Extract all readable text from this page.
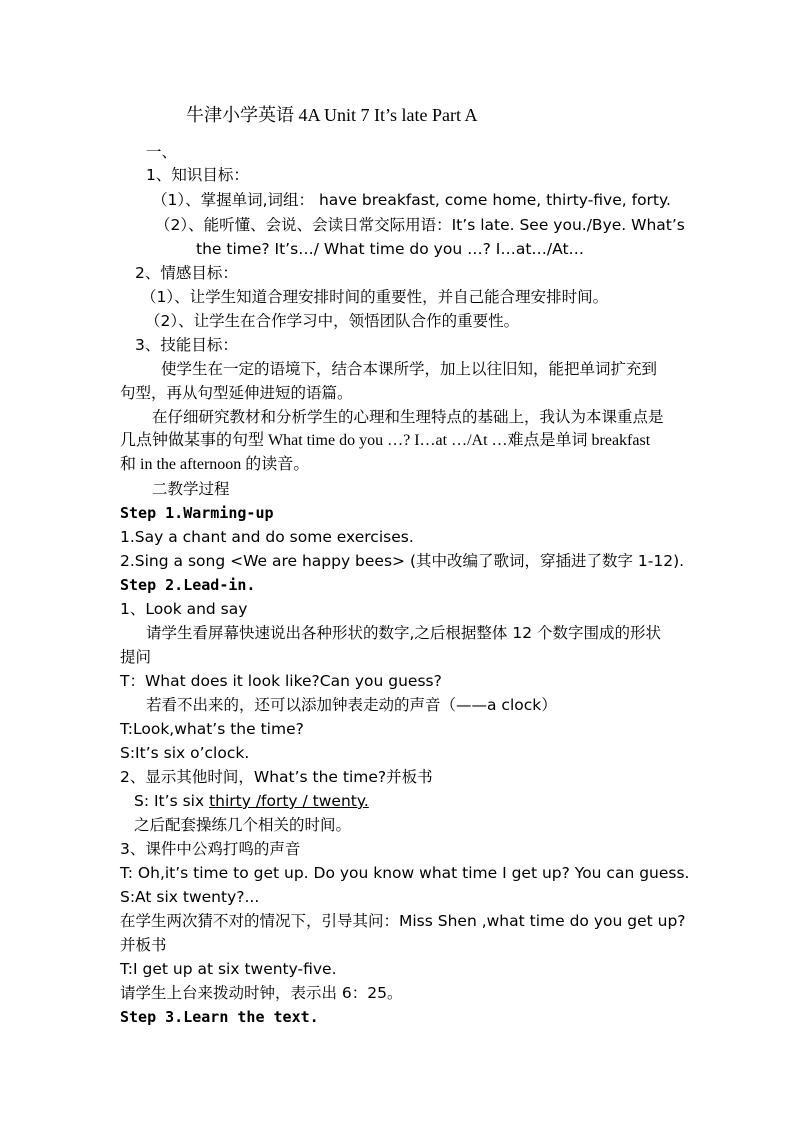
牛津小学英语 4A Unit 7 It’s late Part A
一、
1、知识目标：
（1）、掌握单词,词组： have breakfast, come home, thirty-five, forty.
（2）、能听懂、会说、会读日常交际用语：It’s late. See you./Bye. What’s
the time? It’s…/ What time do you …? I…at…/At…
2、情感目标：
（1）、让学生知道合理安排时间的重要性，并自己能合理安排时间。
（2）、让学生在合作学习中，领悟团队合作的重要性。
3、技能目标：
使学生在一定的语境下，结合本课所学，加上以往旧知，能把单词扩充到
句型，再从句型延伸进短的语篇。
在仔细研究教材和分析学生的心理和生理特点的基础上，我认为本课重点是
几点钟做某事的句型 What time do you …? I…at …/At …难点是单词 breakfast
和 in the afternoon 的读音。
二教学过程
Step 1.Warming-up
1.Say a chant and do some exercises.
2.Sing a song <We are happy bees> (其中改编了歌词，穿插进了数字 1-12).
Step 2.Lead-in.
1、Look and say
请学生看屏幕快速说出各种形状的数字,之后根据整体 12 个数字围成的形状
提问
T：What does it look like?Can you guess?
若看不出来的，还可以添加钟表走动的声音（——a clock）
T:Look,what’s the time?
S:It’s six o’clock.
2、显示其他时间，What’s the time?并板书
S: It’s six thirty /forty / twenty.
之后配套操练几个相关的时间。
3、课件中公鸡打鸣的声音
T: Oh,it’s time to get up. Do you know what time I get up? You can guess.
S:At six twenty?...
在学生两次猜不对的情况下，引导其问：Miss Shen ,what time do you get up?
并板书
T:I get up at six twenty-five.
请学生上台来拨动时钟，表示出 6：25。
Step 3.Learn the text.
